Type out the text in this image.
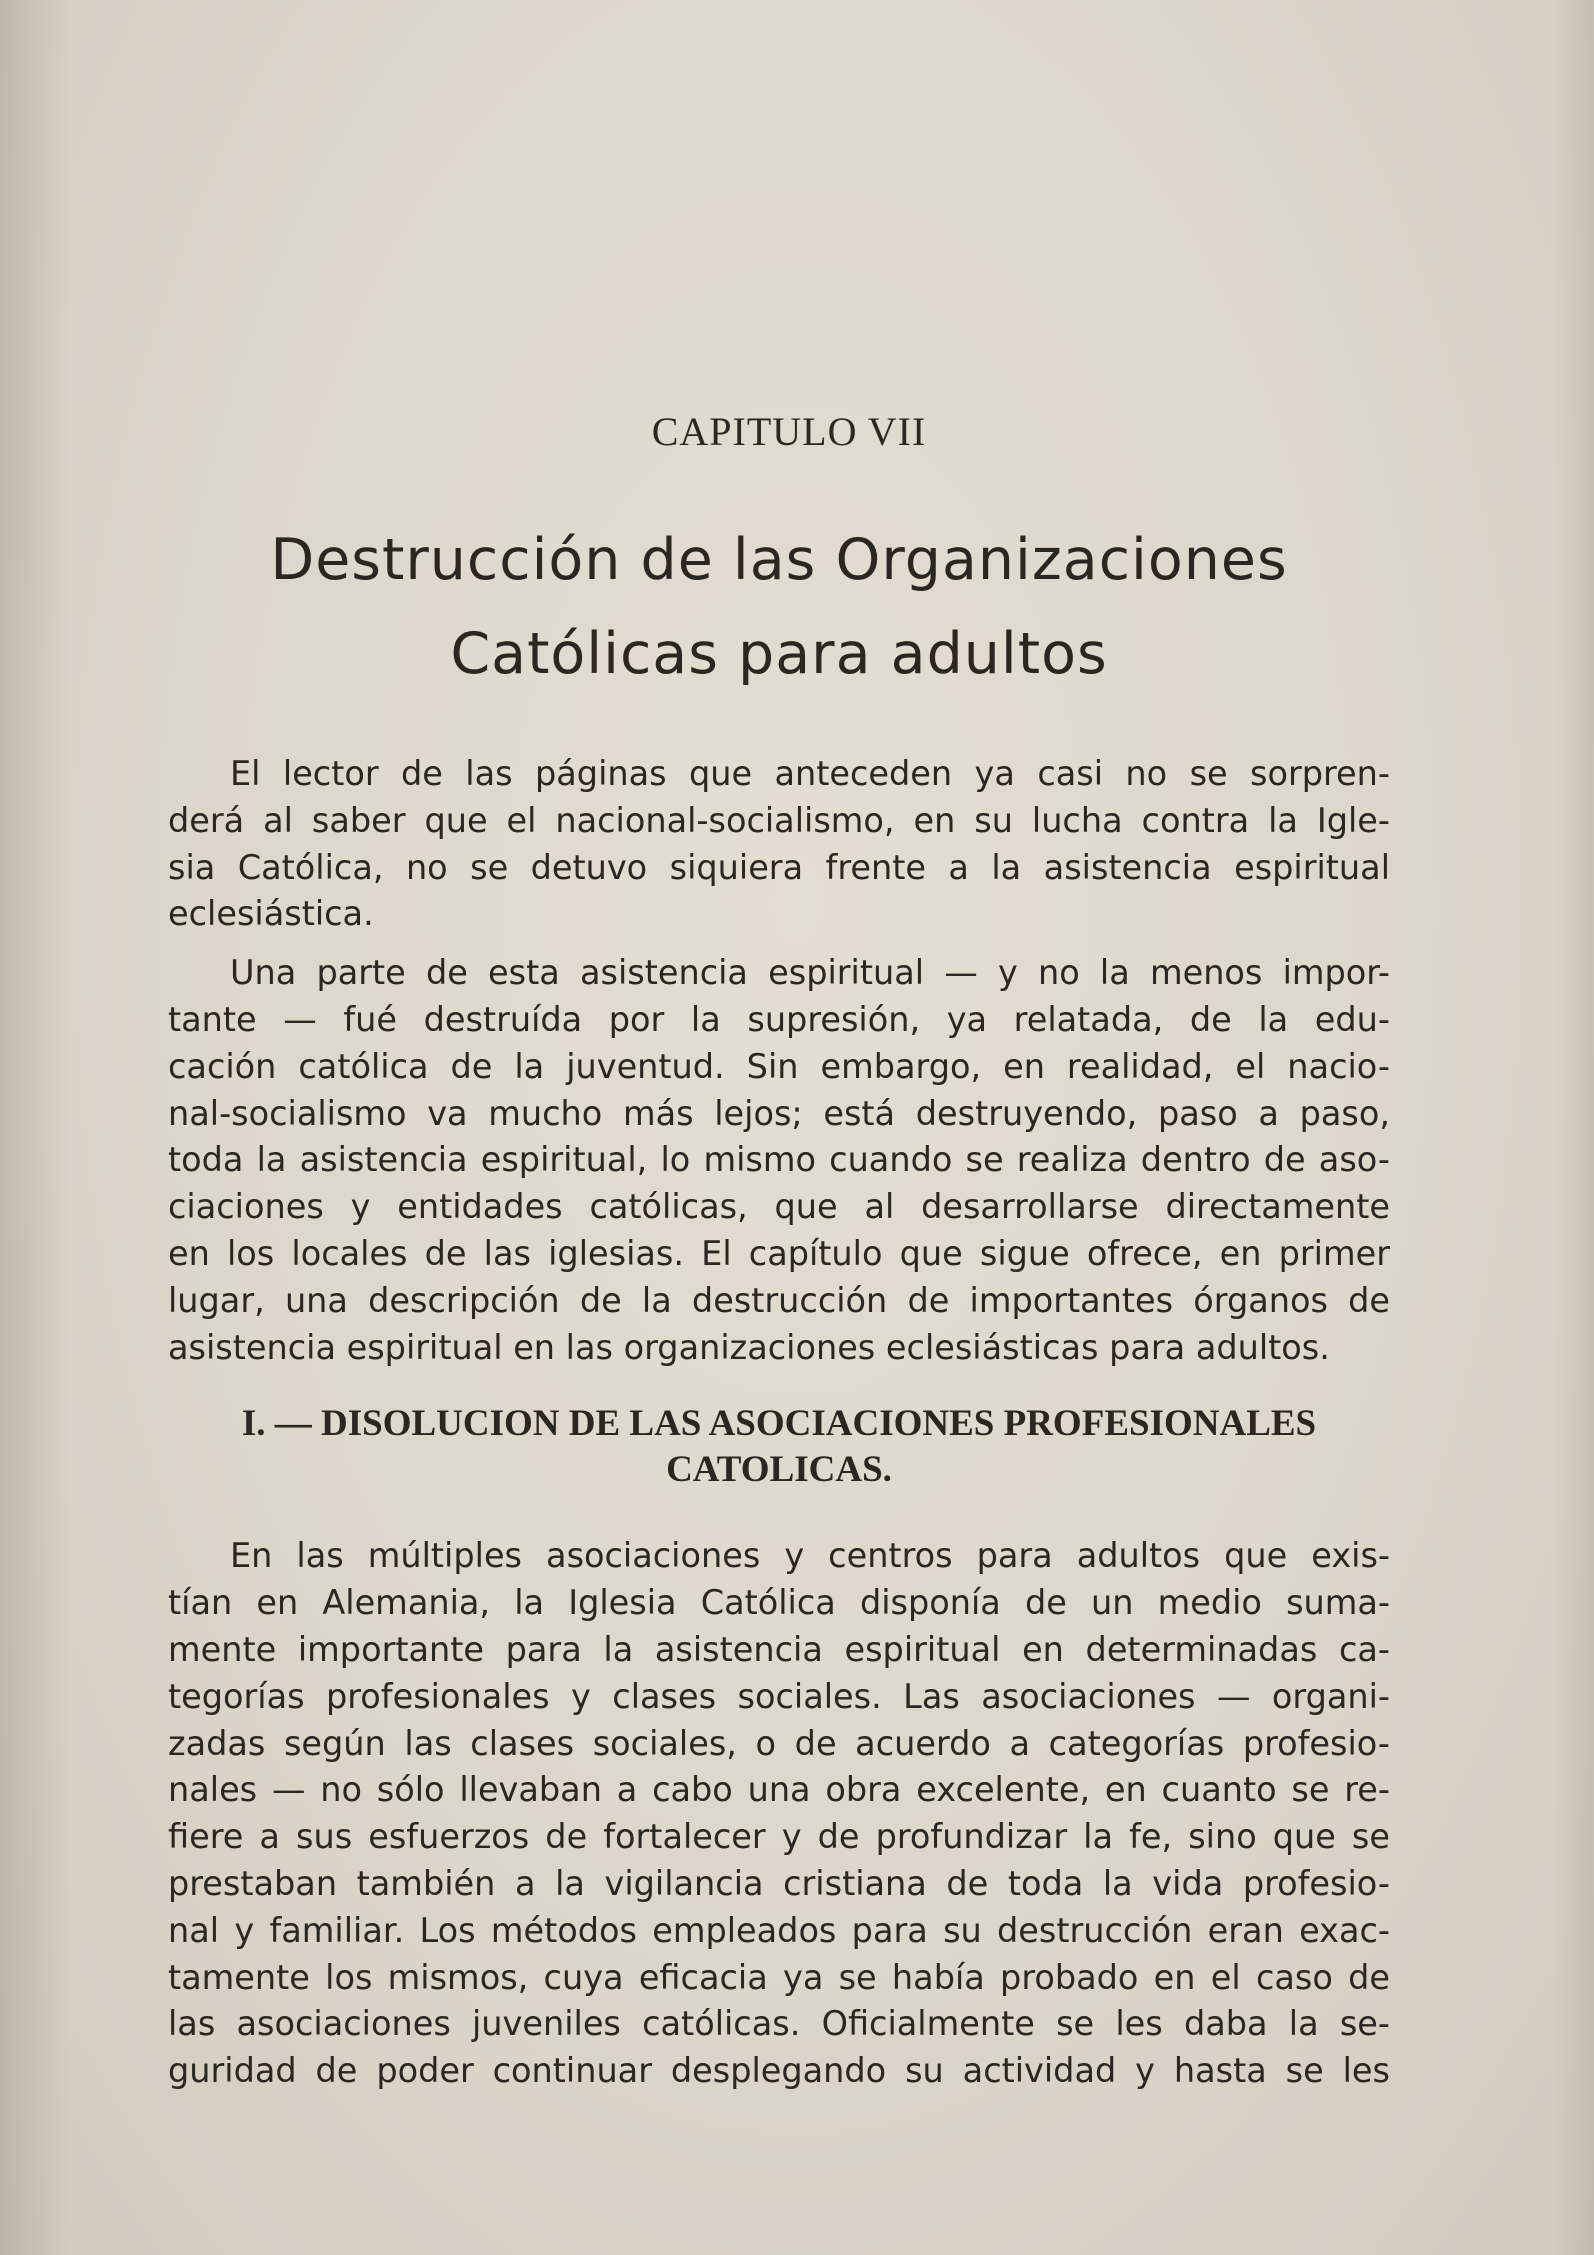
CAPITULO VII
Destrucción de las Organizaciones
Católicas para adultos

El lector de las páginas que anteceden ya casi no se sorpren-
derá al saber que el nacional-socialismo, en su lucha contra la Igle-
sia Católica, no se detuvo siquiera frente a la asistencia espiritual
eclesiástica.

Una parte de esta asistencia espiritual — y no la menos impor-
tante — fué destruída por la supresión, ya relatada, de la edu-
cación católica de la juventud. Sin embargo, en realidad, el nacio-
nal-socialismo va mucho más lejos; está destruyendo, paso a paso,
toda la asistencia espiritual, lo mismo cuando se realiza dentro de aso-
ciaciones y entidades católicas, que al desarrollarse directamente
en los locales de las iglesias. El capítulo que sigue ofrece, en primer
lugar, una descripción de la destrucción de importantes órganos de
asistencia espiritual en las organizaciones eclesiásticas para adultos.

I. — DISOLUCION DE LAS ASOCIACIONES PROFESIONALES
CATOLICAS.

En las múltiples asociaciones y centros para adultos que exis-
tían en Alemania, la Iglesia Católica disponía de un medio suma-
mente importante para la asistencia espiritual en determinadas ca-
tegorías profesionales y clases sociales. Las asociaciones — organi-
zadas según las clases sociales, o de acuerdo a categorías profesio-
nales — no sólo llevaban a cabo una obra excelente, en cuanto se re-
fiere a sus esfuerzos de fortalecer y de profundizar la fe, sino que se
prestaban también a la vigilancia cristiana de toda la vida profesio-
nal y familiar. Los métodos empleados para su destrucción eran exac-
tamente los mismos, cuya eficacia ya se había probado en el caso de
las asociaciones juveniles católicas. Oficialmente se les daba la se-
guridad de poder continuar desplegando su actividad y hasta se les
